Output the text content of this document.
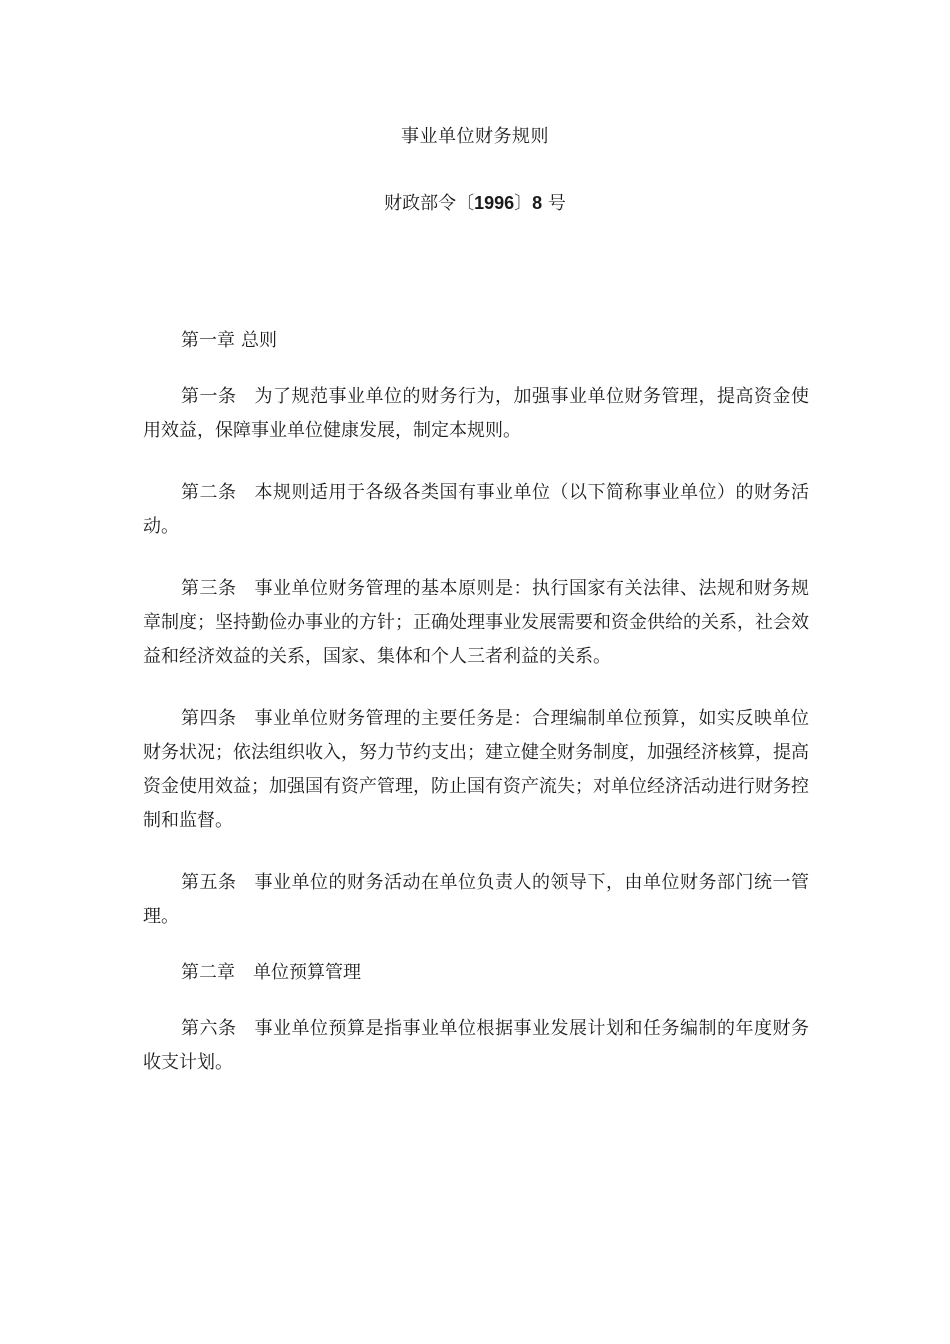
事业单位财务规则
财政部令〔1996〕8 号

第一章 总则

第一条 为了规范事业单位的财务行为，加强事业单位财务管理，提高资金使用效益，保障事业单位健康发展，制定本规则。

第二条 本规则适用于各级各类国有事业单位（以下简称事业单位）的财务活动。

第三条 事业单位财务管理的基本原则是：执行国家有关法律、法规和财务规章制度；坚持勤俭办事业的方针；正确处理事业发展需要和资金供给的关系，社会效益和经济效益的关系，国家、集体和个人三者利益的关系。

第四条 事业单位财务管理的主要任务是：合理编制单位预算，如实反映单位财务状况；依法组织收入，努力节约支出；建立健全财务制度，加强经济核算，提高资金使用效益；加强国有资产管理，防止国有资产流失；对单位经济活动进行财务控制和监督。

第五条 事业单位的财务活动在单位负责人的领导下，由单位财务部门统一管理。

第二章 单位预算管理

第六条 事业单位预算是指事业单位根据事业发展计划和任务编制的年度财务收支计划。
